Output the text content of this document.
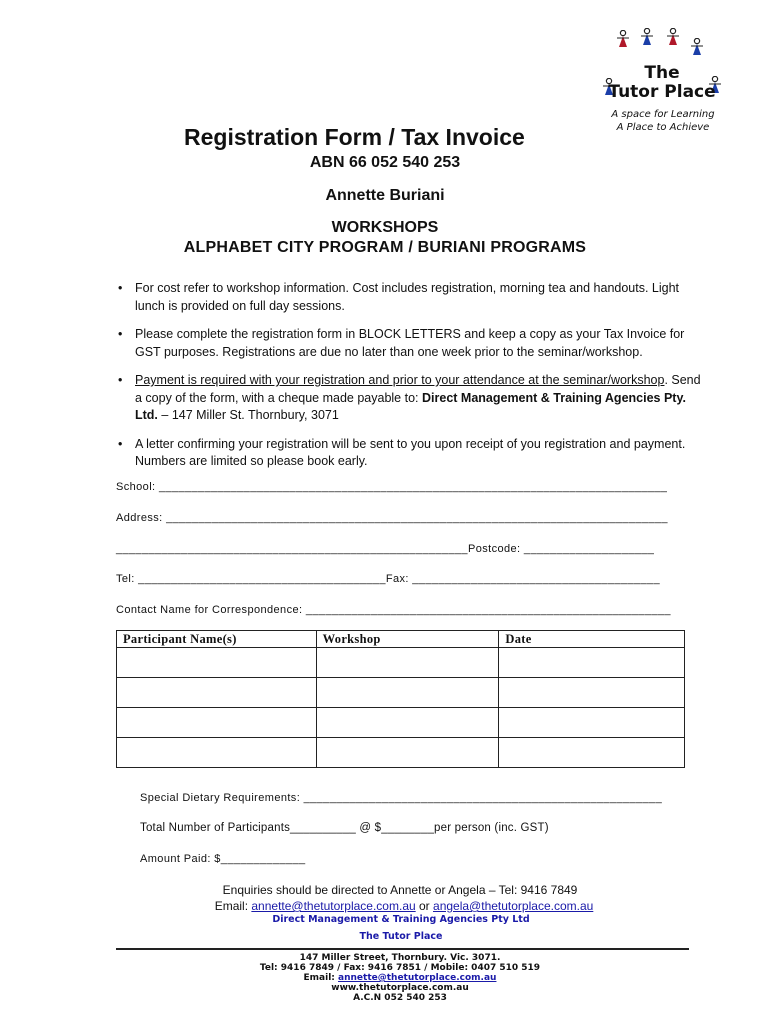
The
Tutor Place
A space for Learning
A Place to Achieve
Registration Form / Tax Invoice
ABN 66 052 540 253
Annette Buriani
WORKSHOPS
ALPHABET CITY PROGRAM / BURIANI PROGRAMS
• For cost refer to workshop information. Cost includes registration, morning tea and handouts. Light lunch is provided on full day sessions.
• Please complete the registration form in BLOCK LETTERS and keep a copy as your Tax Invoice for GST purposes. Registrations are due no later than one week prior to the seminar/workshop.
• Payment is required with your registration and prior to your attendance at the seminar/workshop. Send a copy of the form, with a cheque made payable to: Direct Management & Training Agencies Pty. Ltd. – 147 Miller St. Thornbury, 3071
• A letter confirming your registration will be sent to you upon receipt of you registration and payment. Numbers are limited so please book early.
School: ______________________________________________________________________________
Address: _____________________________________________________________________________
______________________________________________________Postcode: ____________________
Tel: ______________________________________Fax: ______________________________________
Contact Name for Correspondence: ________________________________________________________
Participant Name(s)	Workshop	Date

Special Dietary Requirements: _______________________________________________________
Total Number of Participants__________ @ $________per person (inc. GST)
Amount Paid: $_____________
Enquiries should be directed to Annette or Angela – Tel: 9416 7849
Email: annette@thetutorplace.com.au or angela@thetutorplace.com.au
Direct Management & Training Agencies Pty Ltd
The Tutor Place
147 Miller Street, Thornbury. Vic. 3071.
Tel: 9416 7849 / Fax: 9416 7851 / Mobile: 0407 510 519
Email: annette@thetutorplace.com.au
www.thetutorplace.com.au
A.C.N 052 540 253
